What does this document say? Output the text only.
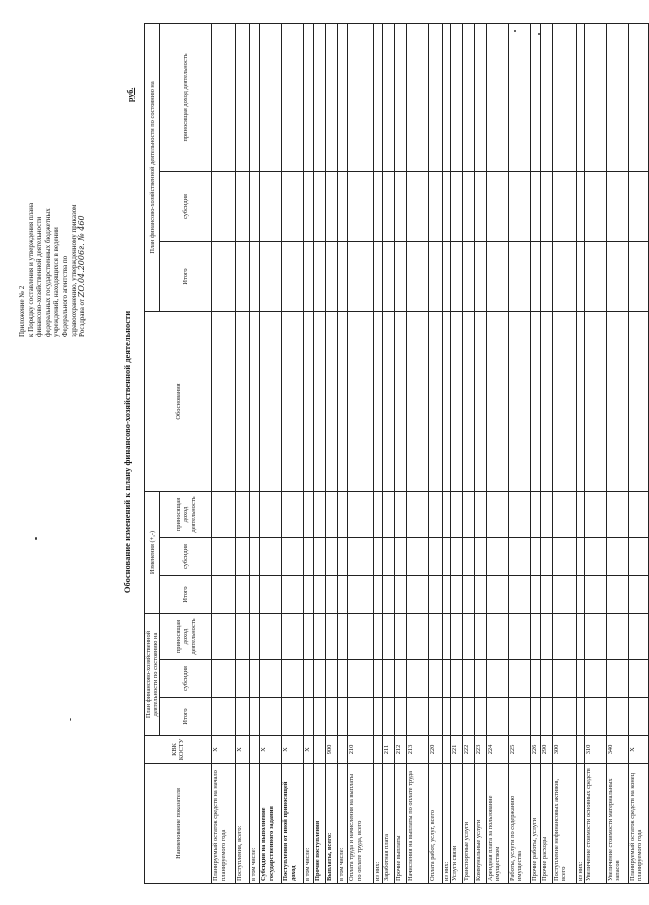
Приложение № 2 к Порядку составления и утверждения плана финансово-хозяйственной деятельности федеральных государственных бюджетных учреждений, находящихся в ведении Федерального агентства по здравоохранению, утвержденному приказом Росздрава от ZO.04.2006г. № 460
Обоснование изменений к плану финансово-хозяйственной деятельности
руб.
Наименование показателя	КВК КОСТУ	План финансово-хозяйственной деятельности по состоянию на			Изменения (+,-)			Обоснования	План финансово-хозяйственной деятельности по состоянию на		
		Итого	субсидия	приносящая доход деятельность	Итого	субсидия	приносящая доход деятельность		Итого	субсидия	приносящая доход деятельность
Планируемый остаток средств на начало планируемого года	X										
Поступления, всего:	X										
в том числе:											
Субсидии на выполнение государственного задания	X										
Поступления от иной приносящей доход	X										
в том числе:	X										
Прочие поступления											
Выплаты, всего:	900										
в том числе:											
Оплата труда и начисления на выплаты по оплате труда, всего	210										
из них:											
Заработная плата	211										
Прочие выплаты	212										
Начисления на выплаты по оплате труда	213										
Оплата работ, услуг, всего	220										
из них:											
Услуги связи	221										
Транспортные услуги	222										
Коммунальные услуги	223										
Арендная плата за пользование имуществом	224										
Работы, услуги по содержанию имущества	225										
Прочие работы, услуги	226										
Прочие расходы	290										
Поступление нефинансовых активов, всего	300										
из них:											
Увеличение стоимости основных средств	310										
Увеличение стоимости материальных запасов	340										
Планируемый остаток средств на конец планируемого года	X										
